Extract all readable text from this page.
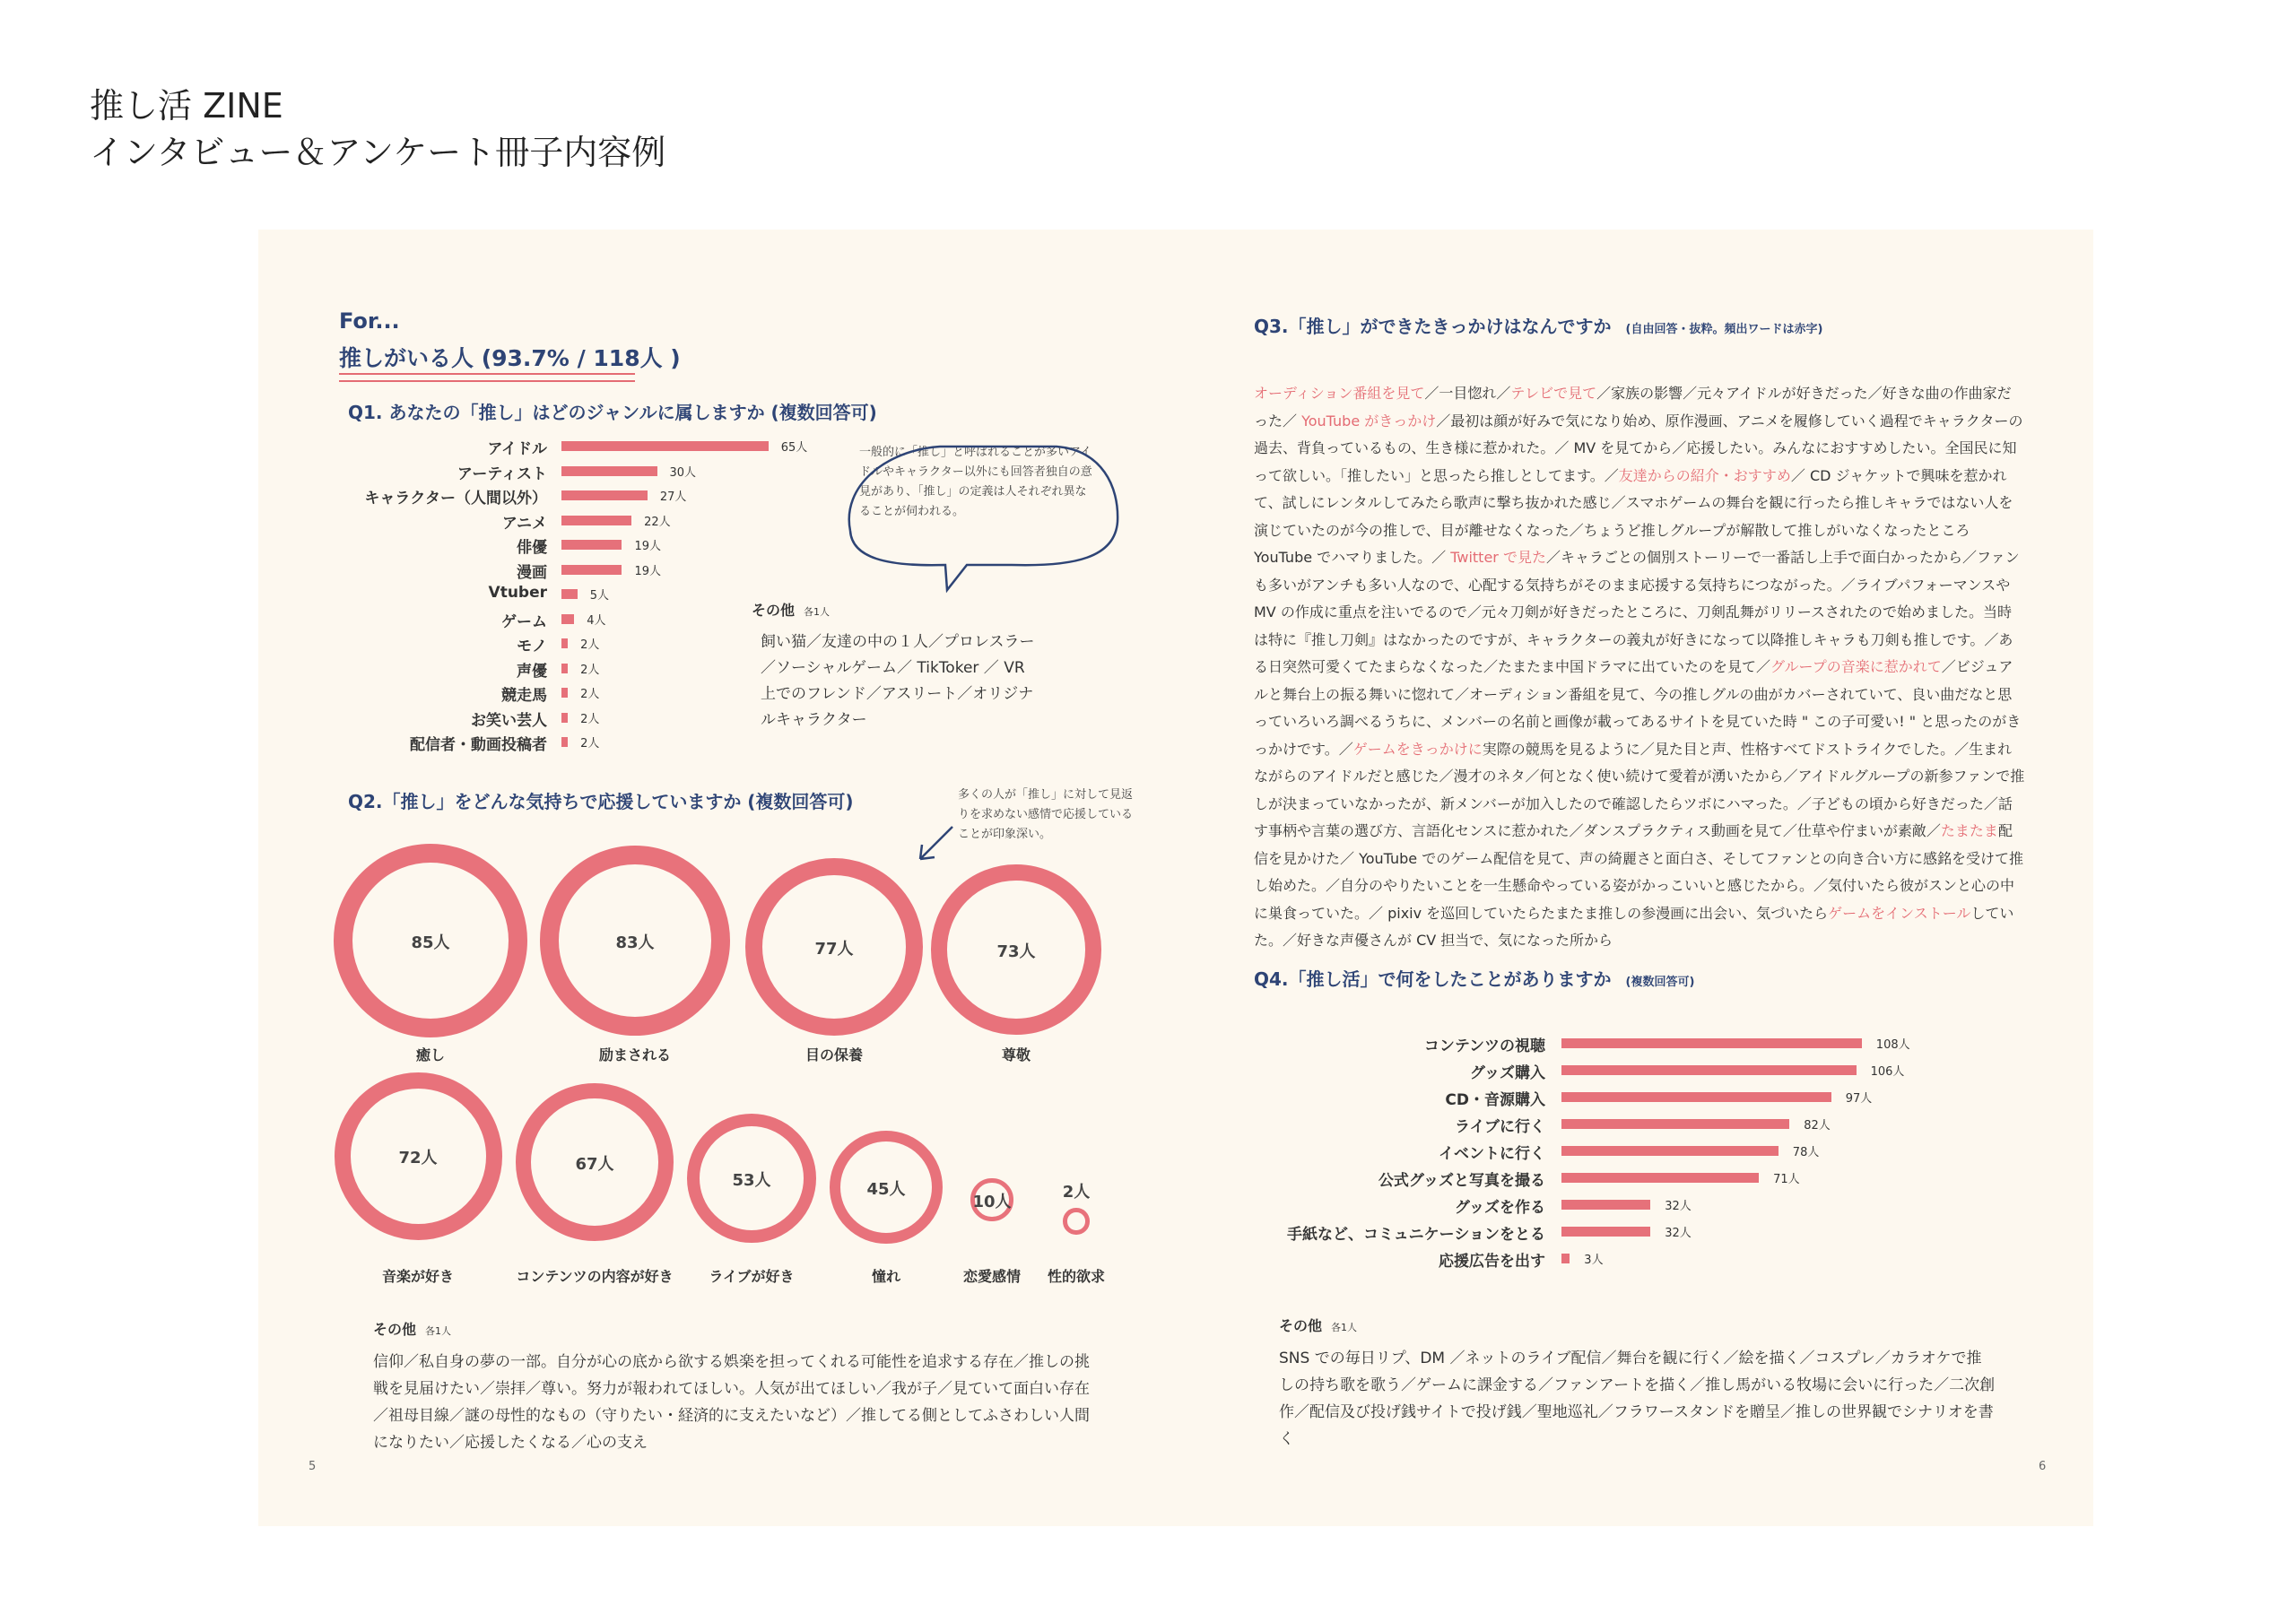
推し活 ZINE
インタビュー＆アンケート冊子内容例
For...
推しがいる人 (93.7% / 118人 )
Q1. あなたの「推し」はどのジャンルに属しますか (複数回答可)
アイドル	65人
アーティスト	30人
キャラクター（人間以外）	27人
アニメ	22人
俳優	19人
漫画	19人
Vtuber	5人
ゲーム	4人
モノ	2人
声優	2人
競走馬	2人
お笑い芸人	2人
配信者・動画投稿者	2人
一般的に「推し」と呼ばれることが多いアイドルやキャラクター以外にも回答者独自の意見があり、「推し」の定義は人それぞれ異なることが伺われる。
その他 各1人
飼い猫／友達の中の１人／プロレスラー／ソーシャルゲーム／ TikToker ／ VR 上でのフレンド／アスリート／オリジナルキャラクター
Q2.「推し」をどんな気持ちで応援していますか (複数回答可)	多くの人が「推し」に対して見返りを求めない感情で応援していることが印象深い。
85人
癒し
83人
励まされる
77人
目の保養
73人
尊敬
72人
音楽が好き
67人
コンテンツの内容が好き
53人
ライブが好き
45人
憧れ
10人
恋愛感情
2人
性的欲求
その他 各1人
信仰／私自身の夢の一部。自分が心の底から欲する娯楽を担ってくれる可能性を追求する存在／推しの挑戦を見届けたい／崇拝／尊い。努力が報われてほしい。人気が出てほしい／我が子／見ていて面白い存在／祖母目線／謎の母性的なもの（守りたい・経済的に支えたいなど）／推してる側としてふさわしい人間になりたい／応援したくなる／心の支え
5
Q3.「推し」ができたきっかけはなんですか (自由回答・抜粋。頻出ワードは赤字)
オーディション番組を見て／一目惚れ／テレビで見て／家族の影響／元々アイドルが好きだった／好きな曲の作曲家だった／ YouTube がきっかけ／最初は顔が好みで気になり始め、原作漫画、アニメを履修していく過程でキャラクターの過去、背負っているもの、生き様に惹かれた。／ MV を見てから／応援したい。みんなにおすすめしたい。全国民に知って欲しい。「推したい」と思ったら推しとしてます。／友達からの紹介・おすすめ／ CD ジャケットで興味を惹かれて、試しにレンタルしてみたら歌声に撃ち抜かれた感じ／スマホゲームの舞台を観に行ったら推しキャラではない人を演じていたのが今の推しで、目が離せなくなった／ちょうど推しグループが解散して推しがいなくなったところ YouTube でハマりました。／ Twitter で見た／キャラごとの個別ストーリーで一番話し上手で面白かったから／ファンも多いがアンチも多い人なので、心配する気持ちがそのまま応援する気持ちにつながった。／ライブパフォーマンスや MV の作成に重点を注いでるので／元々刀剣が好きだったところに、刀剣乱舞がリリースされたので始めました。当時は特に『推し刀剣』はなかったのですが、キャラクターの義丸が好きになって以降推しキャラも刀剣も推しです。／ある日突然可愛くてたまらなくなった／たまたま中国ドラマに出ていたのを見て／グループの音楽に惹かれて／ビジュアルと舞台上の振る舞いに惚れて／オーディション番組を見て、今の推しグルの曲がカバーされていて、良い曲だなと思っていろいろ調べるうちに、メンバーの名前と画像が載ってあるサイトを見ていた時 " この子可愛い! " と思ったのがきっかけです。／ゲームをきっかけに実際の競馬を見るように／見た目と声、性格すべてドストライクでした。／生まれながらのアイドルだと感じた／漫才のネタ／何となく使い続けて愛着が湧いたから／アイドルグループの新参ファンで推しが決まっていなかったが、新メンバーが加入したので確認したらツボにハマった。／子どもの頃から好きだった／話す事柄や言葉の選び方、言語化センスに惹かれた／ダンスプラクティス動画を見て／仕草や佇まいが素敵／たまたま配信を見かけた／ YouTube でのゲーム配信を見て、声の綺麗さと面白さ、そしてファンとの向き合い方に感銘を受けて推し始めた。／自分のやりたいことを一生懸命やっている姿がかっこいいと感じたから。／気付いたら彼がスンと心の中に巣食っていた。／ pixiv を巡回していたらたまたま推しの参漫画に出会い、気づいたらゲームをインストールしていた。／好きな声優さんが CV 担当で、気になった所から
Q4.「推し活」で何をしたことがありますか (複数回答可)
コンテンツの視聴	108人
グッズ購入	106人
CD・音源購入	97人
ライブに行く	82人
イベントに行く	78人
公式グッズと写真を撮る	71人
グッズを作る	32人
手紙など、コミュニケーションをとる	32人
応援広告を出す	3人
その他 各1人
SNS での毎日リプ、DM ／ネットのライブ配信／舞台を観に行く／絵を描く／コスプレ／カラオケで推しの持ち歌を歌う／ゲームに課金する／ファンアートを描く／推し馬がいる牧場に会いに行った／二次創作／配信及び投げ銭サイトで投げ銭／聖地巡礼／フラワースタンドを贈呈／推しの世界観でシナリオを書く
6
